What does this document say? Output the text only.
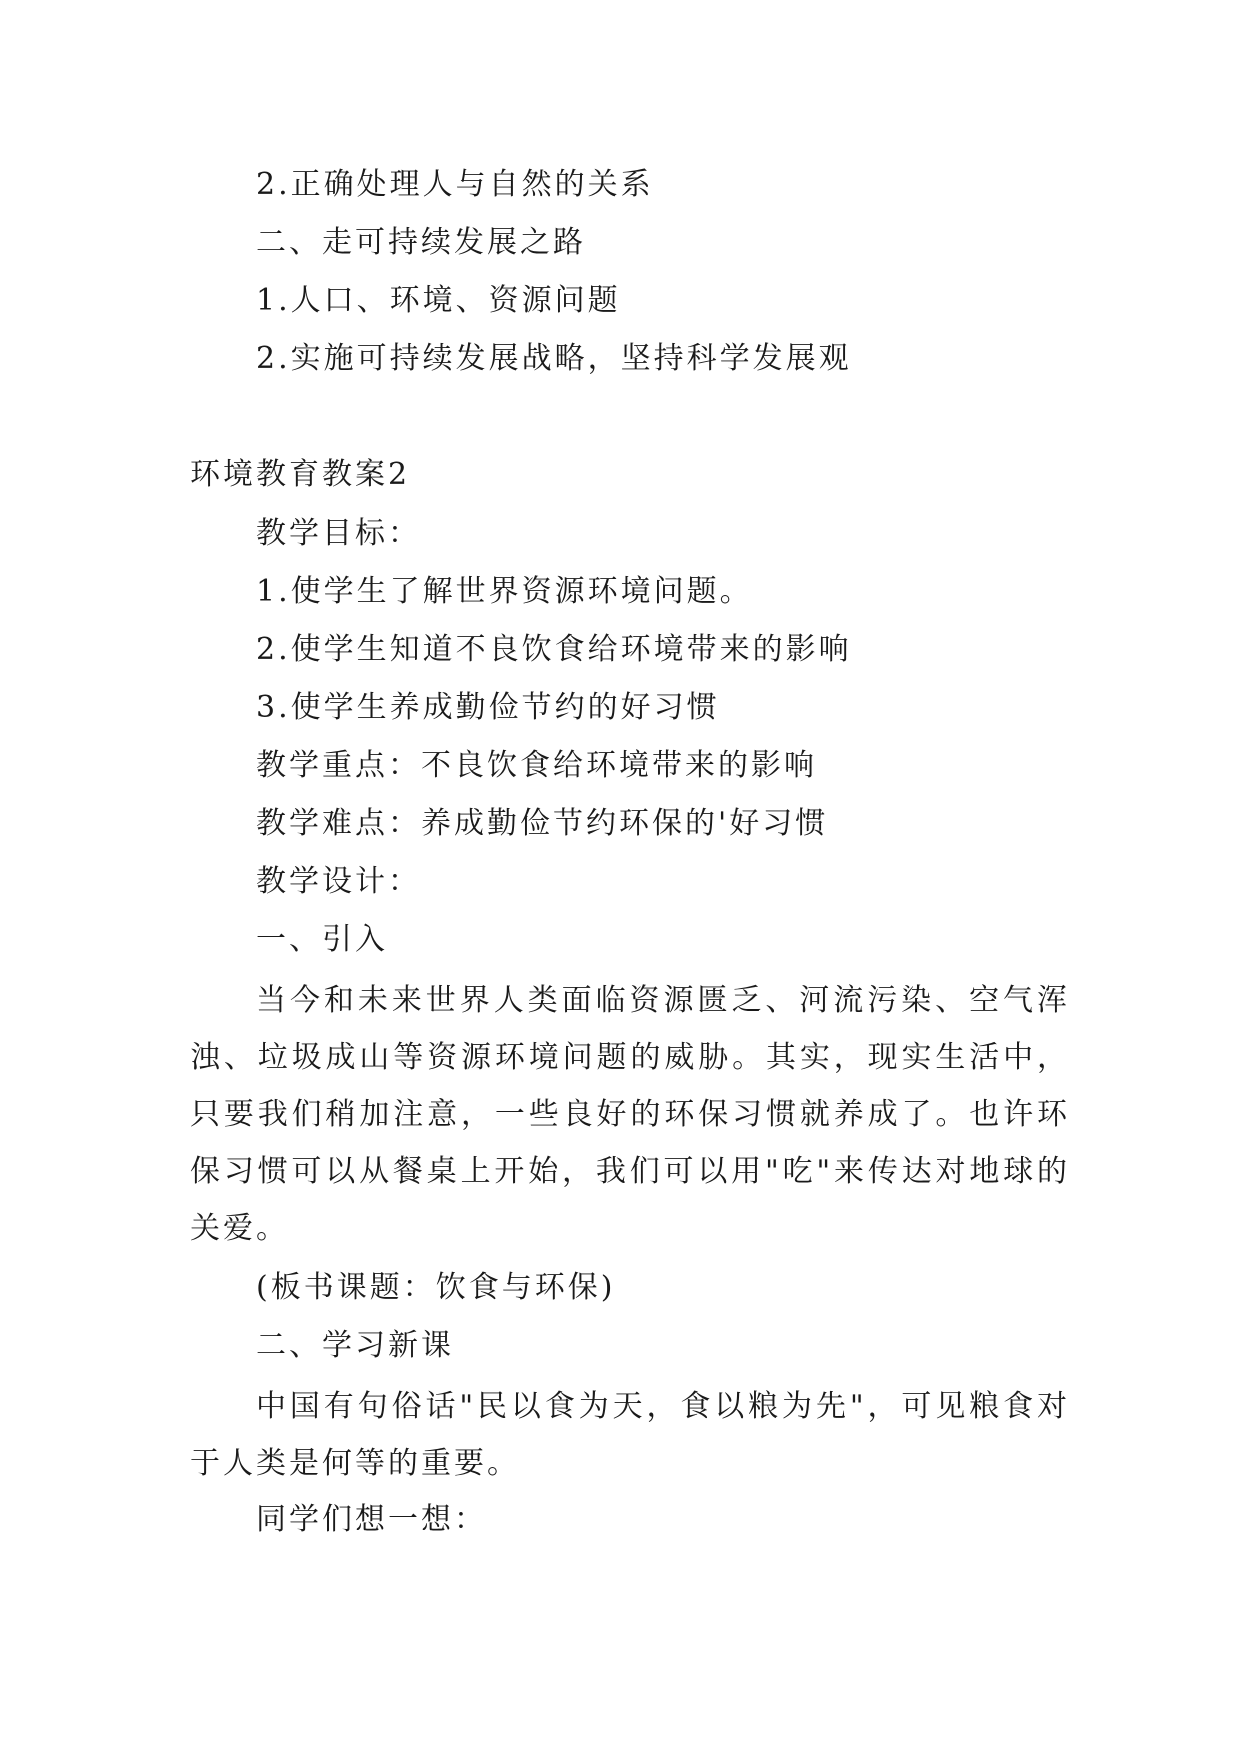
2.正确处理人与自然的关系
二、走可持续发展之路
1.人口、环境、资源问题
2.实施可持续发展战略，坚持科学发展观
环境教育教案2
教学目标：
1.使学生了解世界资源环境问题。
2.使学生知道不良饮食给环境带来的影响
3.使学生养成勤俭节约的好习惯
教学重点：不良饮食给环境带来的影响
教学难点：养成勤俭节约环保的'好习惯
教学设计：
一、引入
当今和未来世界人类面临资源匮乏、河流污染、空气浑浊、垃圾成山等资源环境问题的威胁。其实，现实生活中，只要我们稍加注意，一些良好的环保习惯就养成了。也许环保习惯可以从餐桌上开始，我们可以用"吃"来传达对地球的关爱。
(板书课题：饮食与环保)
二、学习新课
中国有句俗话"民以食为天，食以粮为先"，可见粮食对于人类是何等的重要。
同学们想一想：
